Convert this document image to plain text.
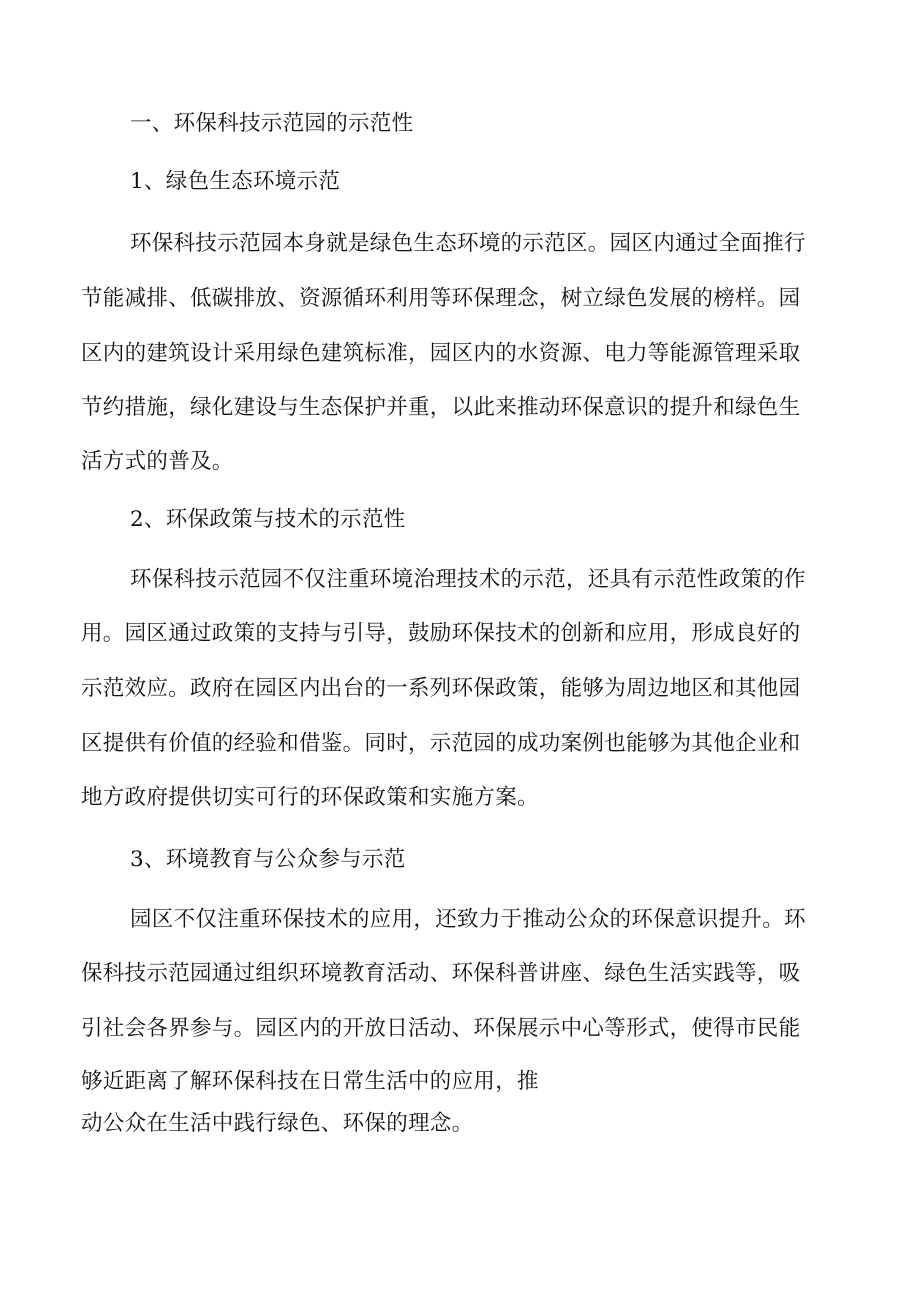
一、环保科技示范园的示范性
1、绿色生态环境示范
环保科技示范园本身就是绿色生态环境的示范区。园区内通过全面推行
节能减排、低碳排放、资源循环利用等环保理念，树立绿色发展的榜样。园
区内的建筑设计采用绿色建筑标准，园区内的水资源、电力等能源管理采取
节约措施，绿化建设与生态保护并重，以此来推动环保意识的提升和绿色生
活方式的普及。
2、环保政策与技术的示范性
环保科技示范园不仅注重环境治理技术的示范，还具有示范性政策的作
用。园区通过政策的支持与引导，鼓励环保技术的创新和应用，形成良好的
示范效应。政府在园区内出台的一系列环保政策，能够为周边地区和其他园
区提供有价值的经验和借鉴。同时，示范园的成功案例也能够为其他企业和
地方政府提供切实可行的环保政策和实施方案。
3、环境教育与公众参与示范
园区不仅注重环保技术的应用，还致力于推动公众的环保意识提升。环
保科技示范园通过组织环境教育活动、环保科普讲座、绿色生活实践等，吸
引社会各界参与。园区内的开放日活动、环保展示中心等形式，使得市民能
够近距离了解环保科技在日常生活中的应用，推
动公众在生活中践行绿色、环保的理念。
